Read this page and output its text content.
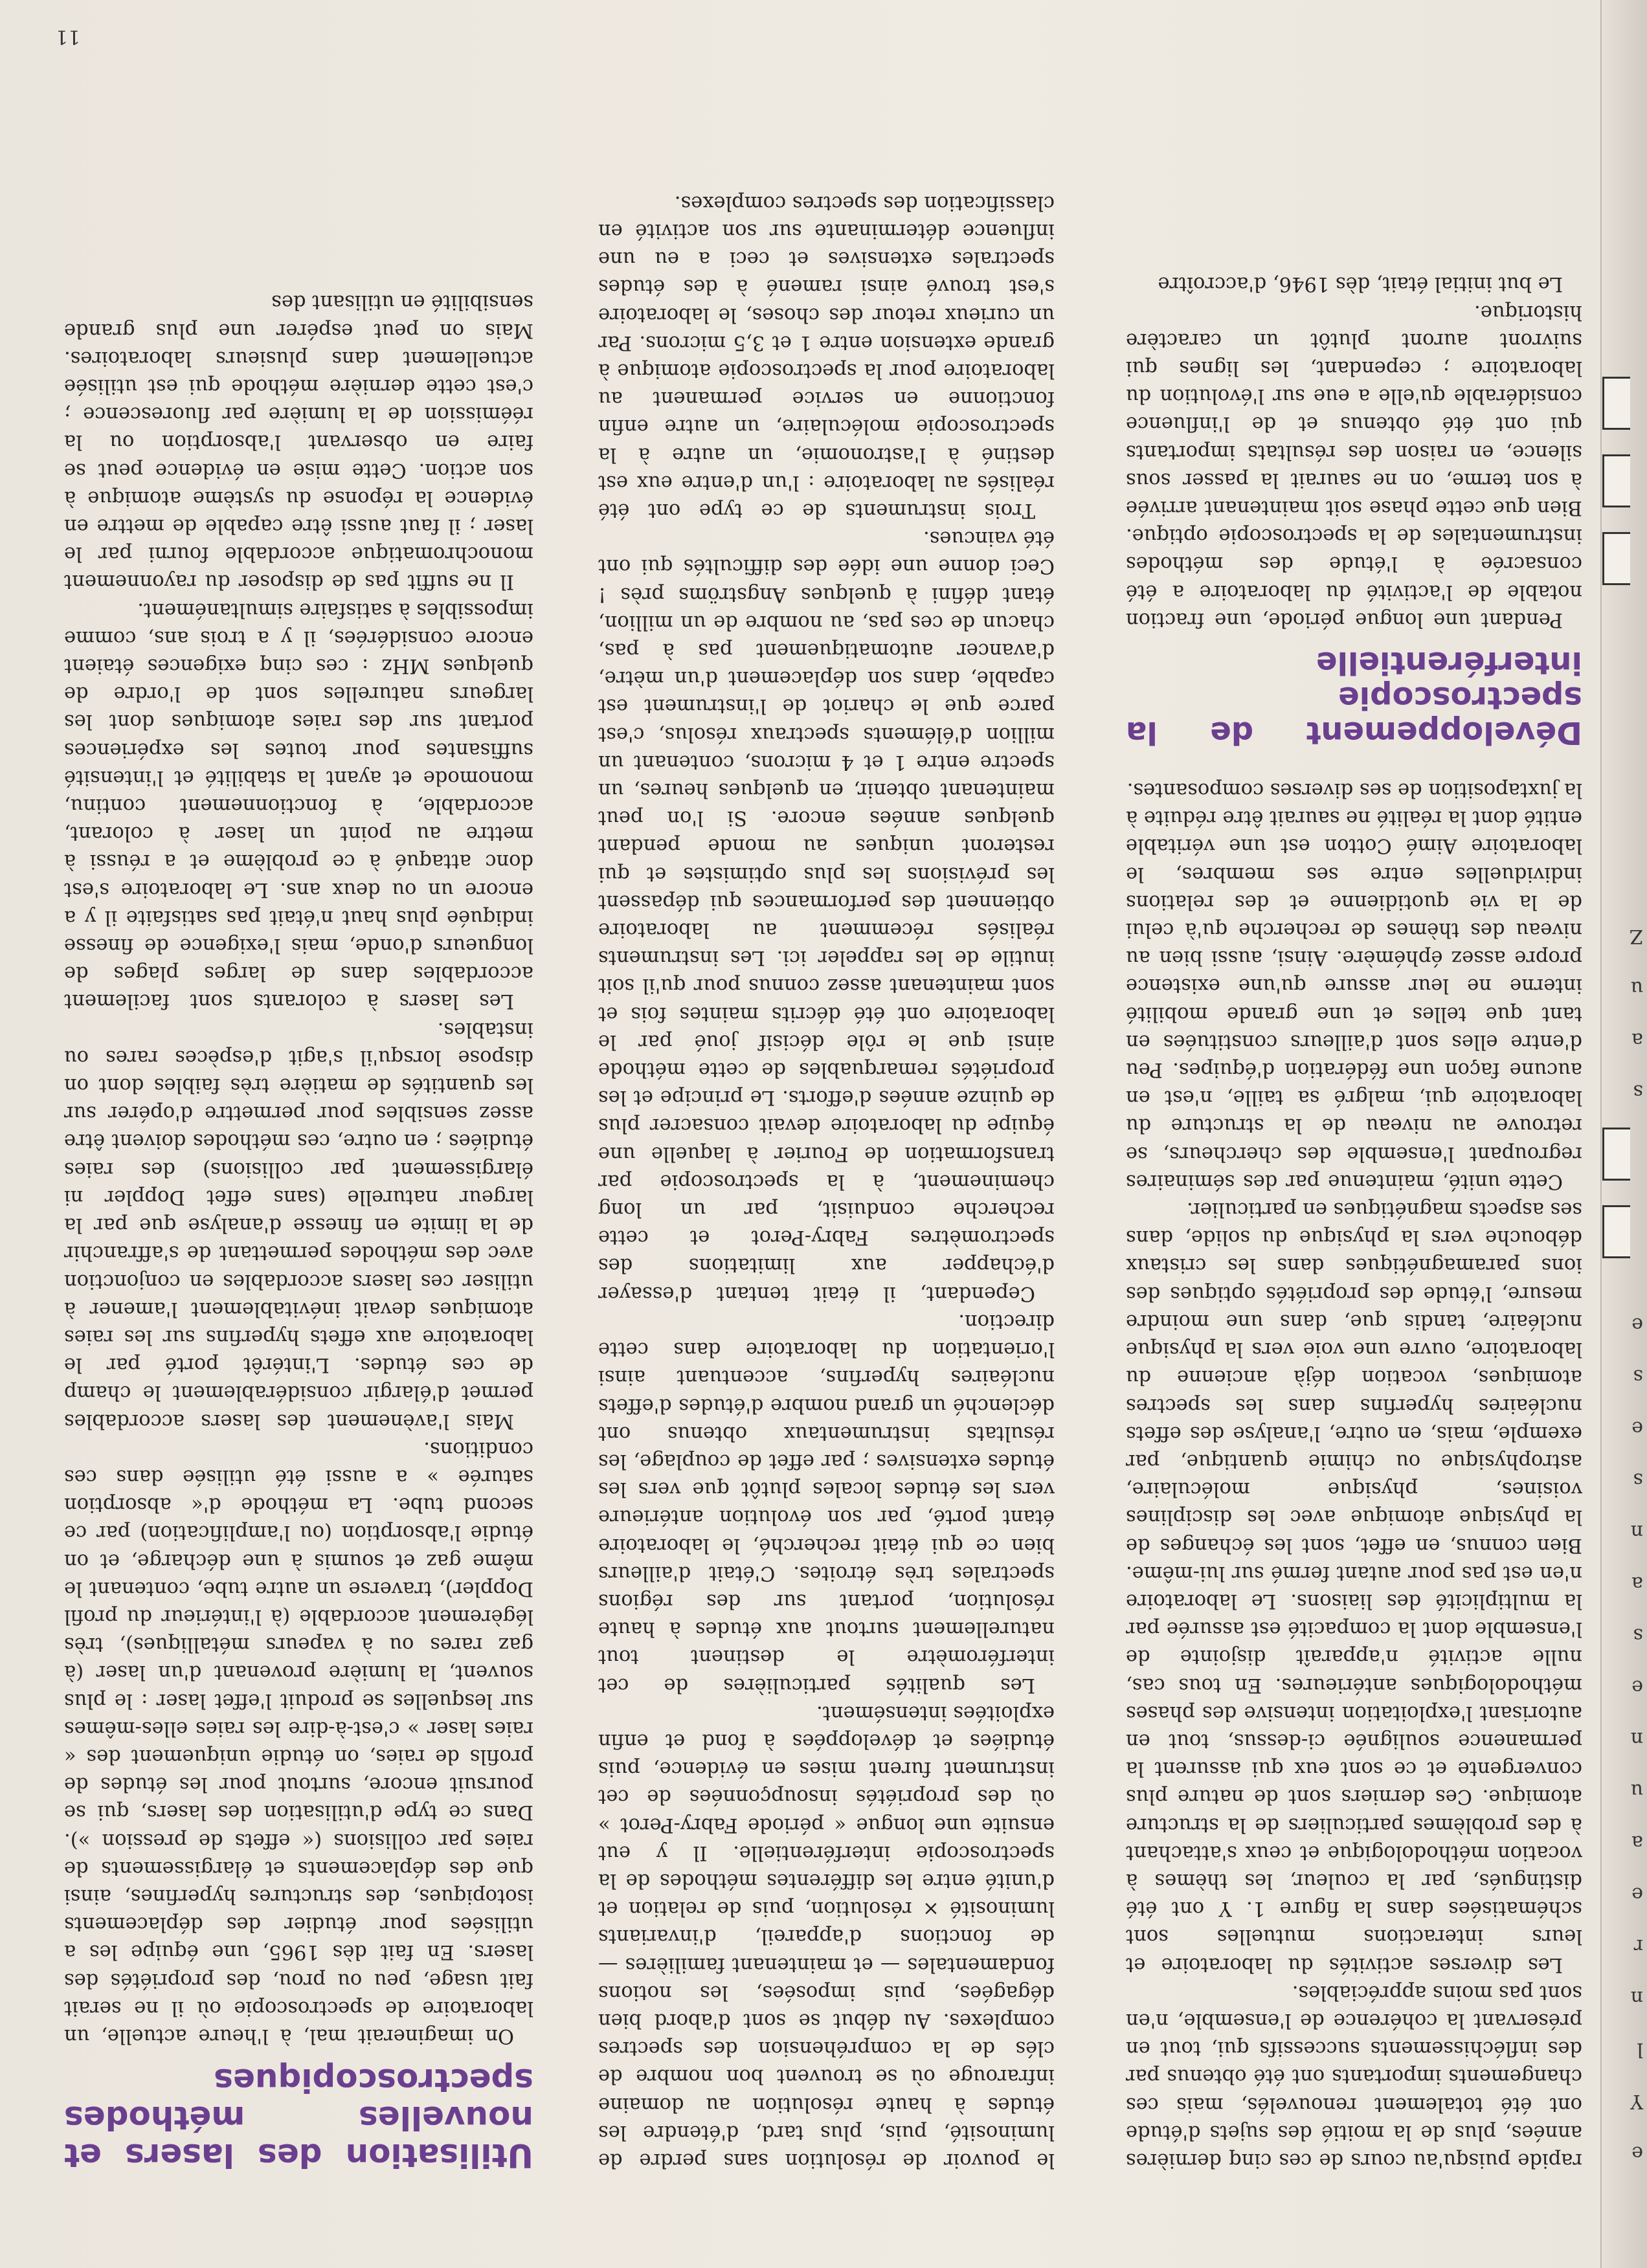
e
Y
l
n
r
e
a
u
n
e
s
a
n
s
e
s
e
s
a
u
Z

rapide puisqu'au cours de ces cinq dernières années, plus de la moitié des sujets d'étude ont été totalement renouvelés, mais ces changements importants ont été obtenus par des infléchissements successifs qui, tout en préservant la cohérence de l'ensemble, n'en sont pas moins appréciables.

Les diverses activités du laboratoire et leurs interactions mutuelles sont schématisées dans la figure 1. Y ont été distingués, par la couleur, les thèmes à vocation méthodologique et ceux s'attachant à des problèmes particuliers de la structure atomique. Ces derniers sont de nature plus convergente et ce sont eux qui assurent la permanence soulignée ci-dessus, tout en autorisant l'exploitation intensive des phases méthodologiques antérieures. En tous cas, nulle activité n'apparaît disjointe de l'ensemble dont la compacité est assurée par la multiplicité des liaisons. Le laboratoire n'en est pas pour autant fermé sur lui-même. Bien connus, en effet, sont les échanges de la physique atomique avec les disciplines voisines, physique moléculaire, astrophysique ou chimie quantique, par exemple, mais, en outre, l'analyse des effets nucléaires hyperfins dans les spectres atomiques, vocation déjà ancienne du laboratoire, ouvre une voie vers la physique nucléaire, tandis que, dans une moindre mesure, l'étude des propriétés optiques des ions paramagnétiques dans les cristaux débouche vers la physique du solide, dans ses aspects magnétiques en particulier.

Cette unité, maintenue par des séminaires regroupant l'ensemble des chercheurs, se retrouve au niveau de la structure du laboratoire qui, malgré sa taille, n'est en aucune façon une fédération d'équipes. Peu d'entre elles sont d'ailleurs constituées en tant que telles et une grande mobilité interne ne leur assure qu'une existence propre assez éphémère. Ainsi, aussi bien au niveau des thèmes de recherche qu'à celui de la vie quotidienne et des relations individuelles entre ses membres, le laboratoire Aimé Cotton est une véritable entité dont la réalité ne saurait être réduite à la juxtaposition de ses diverses composantes.

Développement de la spectroscopie interférentielle

Pendant une longue période, une fraction notable de l'activité du laboratoire a été consacrée à l'étude des méthodes instrumentales de la spectroscopie optique. Bien que cette phase soit maintenant arrivée à son terme, on ne saurait la passer sous silence, en raison des résultats importants qui ont été obtenus et de l'influence considérable qu'elle a eue sur l'évolution du laboratoire ; cependant, les lignes qui suivront auront plutôt un caractère historique.

Le but initial était, dès 1946, d'accroître

le pouvoir de résolution sans perdre de luminosité, puis, plus tard, d'étendre les études à haute résolution au domaine infrarouge où se trouvent bon nombre de clés de la compréhension des spectres complexes. Au début se sont d'abord bien dégagées, puis imposées, les notions fondamentales — et maintenant familières — de fonctions d'appareil, d'invariants luminosité × résolution, puis de relation et d'unité entre les différentes méthodes de la spectroscopie interférentielle. Il y eut ensuite une longue « période Fabry-Perot » où des propriétés insoupçonnées de cet instrument furent mises en évidence, puis étudiées et développées à fond et enfin exploitées intensément.

Les qualités particulières de cet interféromètre le destinent tout naturellement surtout aux études à haute résolution, portant sur des régions spectrales très étroites. C'était d'ailleurs bien ce qui était recherché, le laboratoire étant porté, par son évolution antérieure vers les études locales plutôt que vers les études extensives ; par effet de couplage, les résultats instrumentaux obtenus ont déclenché un grand nombre d'études d'effets nucléaires hyperfins, accentuant ainsi l'orientation du laboratoire dans cette direction.

Cependant, il était tentant d'essayer d'échapper aux limitations des spectromètres Fabry-Perot et cette recherche conduisit, par un long cheminement, à la spectroscopie par transformation de Fourier à laquelle une équipe du laboratoire devait consacrer plus de quinze années d'efforts. Le principe et les propriétés remarquables de cette méthode ainsi que le rôle décisif joué par le laboratoire ont été décrits maintes fois et sont maintenant assez connus pour qu'il soit inutile de les rappeler ici. Les instruments réalisés récemment au laboratoire obtiennent des performances qui dépassent les prévisions les plus optimistes et qui resteront uniques au monde pendant quelques années encore. Si l'on peut maintenant obtenir, en quelques heures, un spectre entre 1 et 4 microns, contenant un million d'éléments spectraux résolus, c'est parce que le chariot de l'instrument est capable, dans son déplacement d'un mètre, d'avancer automatiquement pas à pas, chacun de ces pas, au nombre de un million, étant défini à quelques Angströms près ! Ceci donne une idée des difficultés qui ont été vaincues.

Trois instruments de ce type ont été réalisés au laboratoire : l'un d'entre eux est destiné à l'astronomie, un autre à la spectroscopie moléculaire, un autre enfin fonctionne en service permanent au laboratoire pour la spectroscopie atomique à grande extension entre 1 et 3,5 microns. Par un curieux retour des choses, le laboratoire s'est trouvé ainsi ramené à des études spectrales extensives et ceci a eu une influence déterminante sur son activité en classification des spectres complexes.

Utilisation des lasers et nouvelles méthodes spectroscopiques

On imaginerait mal, à l'heure actuelle, un laboratoire de spectroscopie où il ne serait fait usage, peu ou prou, des propriétés des lasers. En fait dès 1965, une équipe les a utilisées pour étudier des déplacements isotopiques, des structures hyperfines, ainsi que des déplacements et élargissements de raies par collisions (« effets de pression »). Dans ce type d'utilisation des lasers, qui se poursuit encore, surtout pour les études de profils de raies, on étudie uniquement des « raies laser » c'est-à-dire les raies elles-mêmes sur lesquelles se produit l'effet laser : le plus souvent, la lumière provenant d'un laser (à gaz rares ou à vapeurs métalliques), très légèrement accordable (à l'intérieur du profil Doppler), traverse un autre tube, contenant le même gaz et soumis à une décharge, et on étudie l'absorption (ou l'amplification) par ce second tube. La méthode d'« absorption saturée » a aussi été utilisée dans ces conditions.

Mais l'avènement des lasers accordables permet d'élargir considérablement le champ de ces études. L'intérêt porté par le laboratoire aux effets hyperfins sur les raies atomiques devait inévitablement l'amener à utiliser ces lasers accordables en conjonction avec des méthodes permettant de s'affranchir de la limite en finesse d'analyse que par la largeur naturelle (sans effet Doppler ni élargissement par collisions) des raies étudiées ; en outre, ces méthodes doivent être assez sensibles pour permettre d'opérer sur les quantités de matière très faibles dont on dispose lorsqu'il s'agit d'espèces rares ou instables.

Les lasers à colorants sont facilement accordables dans de larges plages de longueurs d'onde, mais l'exigence de finesse indiquée plus haut n'était pas satisfaite il y a encore un ou deux ans. Le laboratoire s'est donc attaqué à ce problème et a réussi à mettre au point un laser à colorant, accordable, à fonctionnement continu, monomode et ayant la stabilité et l'intensité suffisantes pour toutes les expériences portant sur des raies atomiques dont les largeurs naturelles sont de l'ordre de quelques MHz : ces cinq exigences étaient encore considérées, il y a trois ans, comme impossibles à satisfaire simultanément.

Il ne suffit pas de disposer du rayonnement monochromatique accordable fourni par le laser ; il faut aussi être capable de mettre en évidence la réponse du système atomique à son action. Cette mise en évidence peut se faire en observant l'absorption ou la réémission de la lumière par fluorescence ; c'est cette dernière méthode qui est utilisée actuellement dans plusieurs laboratoires. Mais on peut espérer une plus grande sensibilité en utilisant des

11
